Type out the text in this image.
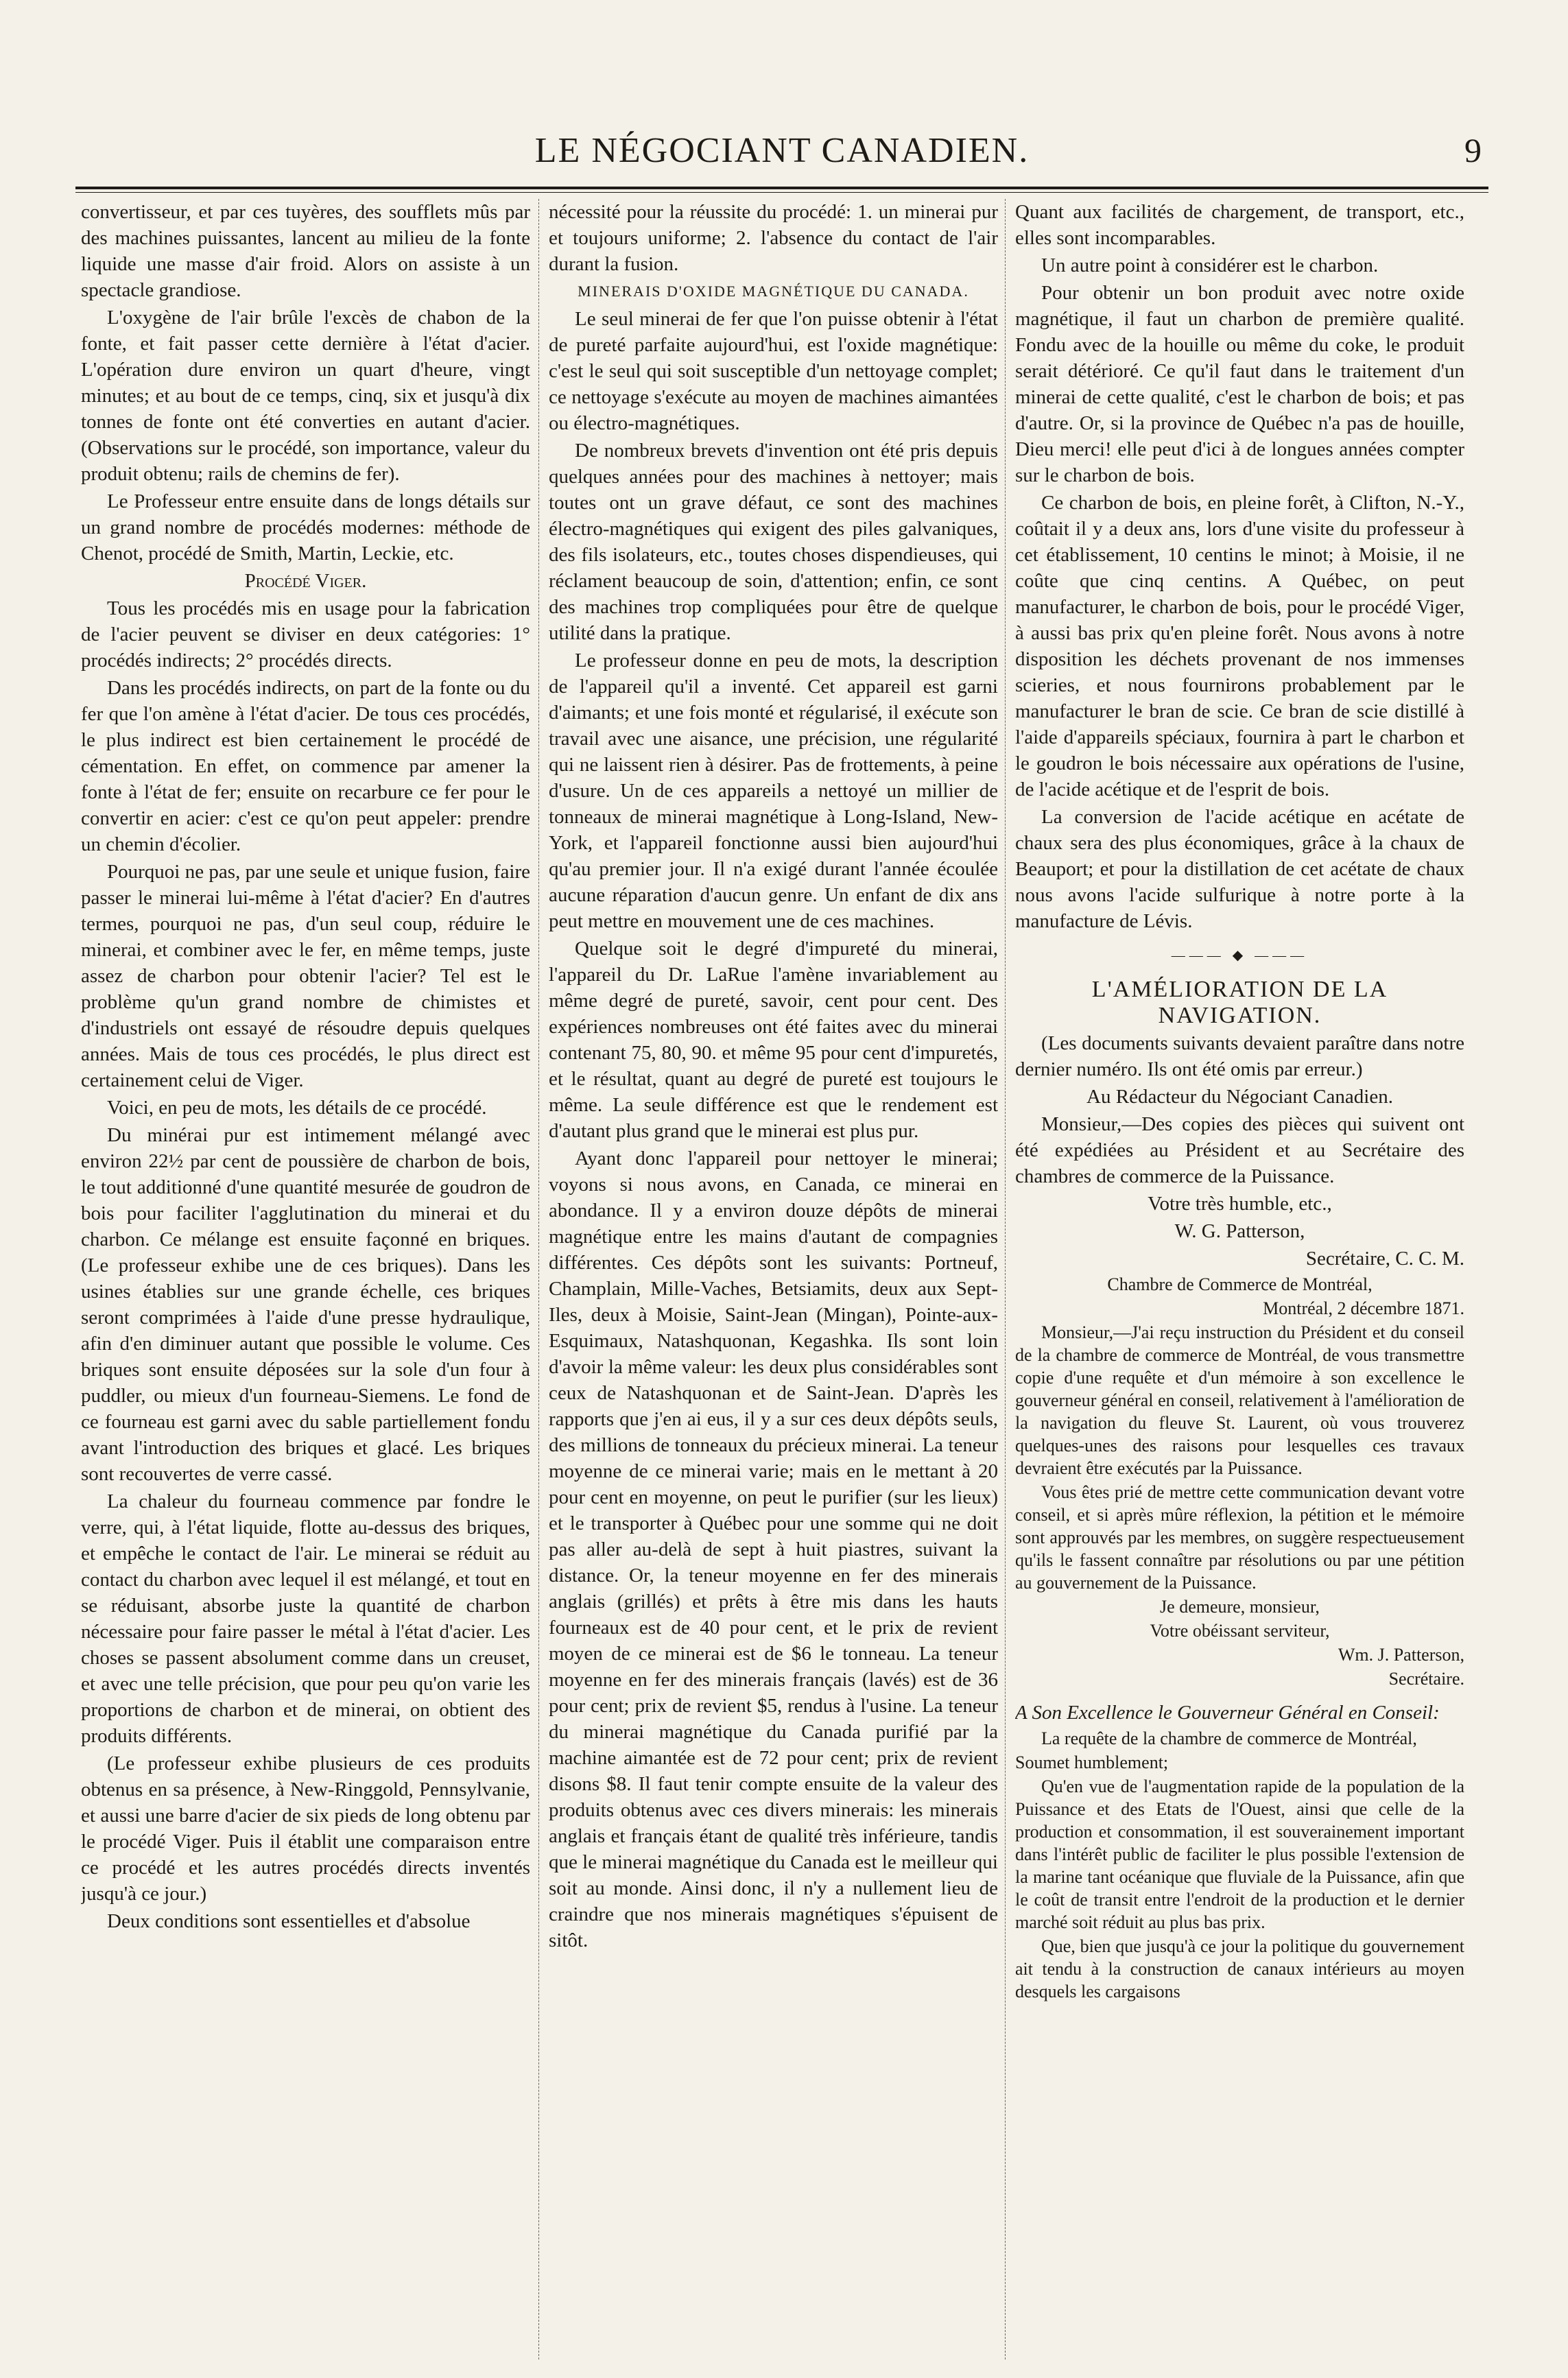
LE NÉGOCIANT CANADIEN.	9

convertisseur, et par ces tuyères, des soufflets mûs par des machines puissantes, lancent au milieu de la fonte liquide une masse d'air froid. Alors on assiste à un spectacle grandiose.

L'oxygène de l'air brûle l'excès de chabon de la fonte, et fait passer cette dernière à l'état d'acier. L'opération dure environ un quart d'heure, vingt minutes; et au bout de ce temps, cinq, six et jusqu'à dix tonnes de fonte ont été converties en autant d'acier. (Observations sur le procédé, son importance, valeur du produit obtenu; rails de chemins de fer).

Le Professeur entre ensuite dans de longs détails sur un grand nombre de procédés modernes: méthode de Chenot, procédé de Smith, Martin, Leckie, etc.

Procédé Viger.

Tous les procédés mis en usage pour la fabrication de l'acier peuvent se diviser en deux catégories: 1° procédés indirects; 2° procédés directs.

Dans les procédés indirects, on part de la fonte ou du fer que l'on amène à l'état d'acier. De tous ces procédés, le plus indirect est bien certainement le procédé de cémentation. En effet, on commence par amener la fonte à l'état de fer; ensuite on recarbure ce fer pour le convertir en acier: c'est ce qu'on peut appeler: prendre un chemin d'écolier.

Pourquoi ne pas, par une seule et unique fusion, faire passer le minerai lui-même à l'état d'acier? En d'autres termes, pourquoi ne pas, d'un seul coup, réduire le minerai, et combiner avec le fer, en même temps, juste assez de charbon pour obtenir l'acier? Tel est le problème qu'un grand nombre de chimistes et d'industriels ont essayé de résoudre depuis quelques années. Mais de tous ces procédés, le plus direct est certainement celui de Viger.

Voici, en peu de mots, les détails de ce procédé.

Du minérai pur est intimement mélangé avec environ 22½ par cent de poussière de charbon de bois, le tout additionné d'une quantité mesurée de goudron de bois pour faciliter l'agglutination du minerai et du charbon. Ce mélange est ensuite façonné en briques. (Le professeur exhibe une de ces briques). Dans les usines établies sur une grande échelle, ces briques seront comprimées à l'aide d'une presse hydraulique, afin d'en diminuer autant que possible le volume. Ces briques sont ensuite déposées sur la sole d'un four à puddler, ou mieux d'un fourneau-Siemens. Le fond de ce fourneau est garni avec du sable partiellement fondu avant l'introduction des briques et glacé. Les briques sont recouvertes de verre cassé.

La chaleur du fourneau commence par fondre le verre, qui, à l'état liquide, flotte au-dessus des briques, et empêche le contact de l'air. Le minerai se réduit au contact du charbon avec lequel il est mélangé, et tout en se réduisant, absorbe juste la quantité de charbon nécessaire pour faire passer le métal à l'état d'acier. Les choses se passent absolument comme dans un creuset, et avec une telle précision, que pour peu qu'on varie les proportions de charbon et de minerai, on obtient des produits différents.

(Le professeur exhibe plusieurs de ces produits obtenus en sa présence, à New-Ringgold, Pennsylvanie, et aussi une barre d'acier de six pieds de long obtenu par le procédé Viger. Puis il établit une comparaison entre ce procédé et les autres procédés directs inventés jusqu'à ce jour.)

Deux conditions sont essentielles et d'absolue

nécessité pour la réussite du procédé: 1. un minerai pur et toujours uniforme; 2. l'absence du contact de l'air durant la fusion.

MINERAIS D'OXIDE MAGNÉTIQUE DU CANADA.

Le seul minerai de fer que l'on puisse obtenir à l'état de pureté parfaite aujourd'hui, est l'oxide magnétique: c'est le seul qui soit susceptible d'un nettoyage complet; ce nettoyage s'exécute au moyen de machines aimantées ou électro-magnétiques.

De nombreux brevets d'invention ont été pris depuis quelques années pour des machines à nettoyer; mais toutes ont un grave défaut, ce sont des machines électro-magnétiques qui exigent des piles galvaniques, des fils isolateurs, etc., toutes choses dispendieuses, qui réclament beaucoup de soin, d'attention; enfin, ce sont des machines trop compliquées pour être de quelque utilité dans la pratique.

Le professeur donne en peu de mots, la description de l'appareil qu'il a inventé. Cet appareil est garni d'aimants; et une fois monté et régularisé, il exécute son travail avec une aisance, une précision, une régularité qui ne laissent rien à désirer. Pas de frottements, à peine d'usure. Un de ces appareils a nettoyé un millier de tonneaux de minerai magnétique à Long-Island, New-York, et l'appareil fonctionne aussi bien aujourd'hui qu'au premier jour. Il n'a exigé durant l'année écoulée aucune réparation d'aucun genre. Un enfant de dix ans peut mettre en mouvement une de ces machines.

Quelque soit le degré d'impureté du minerai, l'appareil du Dr. LaRue l'amène invariablement au même degré de pureté, savoir, cent pour cent. Des expériences nombreuses ont été faites avec du minerai contenant 75, 80, 90. et même 95 pour cent d'impuretés, et le résultat, quant au degré de pureté est toujours le même. La seule différence est que le rendement est d'autant plus grand que le minerai est plus pur.

Ayant donc l'appareil pour nettoyer le minerai; voyons si nous avons, en Canada, ce minerai en abondance. Il y a environ douze dépôts de minerai magnétique entre les mains d'autant de compagnies différentes. Ces dépôts sont les suivants: Portneuf, Champlain, Mille-Vaches, Betsiamits, deux aux Sept-Iles, deux à Moisie, Saint-Jean (Mingan), Pointe-aux-Esquimaux, Natashquonan, Kegashka. Ils sont loin d'avoir la même valeur: les deux plus considérables sont ceux de Natashquonan et de Saint-Jean. D'après les rapports que j'en ai eus, il y a sur ces deux dépôts seuls, des millions de tonneaux du précieux minerai. La teneur moyenne de ce minerai varie; mais en le mettant à 20 pour cent en moyenne, on peut le purifier (sur les lieux) et le transporter à Québec pour une somme qui ne doit pas aller au-delà de sept à huit piastres, suivant la distance. Or, la teneur moyenne en fer des minerais anglais (grillés) et prêts à être mis dans les hauts fourneaux est de 40 pour cent, et le prix de revient moyen de ce minerai est de $6 le tonneau. La teneur moyenne en fer des minerais français (lavés) est de 36 pour cent; prix de revient $5, rendus à l'usine. La teneur du minerai magnétique du Canada purifié par la machine aimantée est de 72 pour cent; prix de revient disons $8. Il faut tenir compte ensuite de la valeur des produits obtenus avec ces divers minerais: les minerais anglais et français étant de qualité très inférieure, tandis que le minerai magnétique du Canada est le meilleur qui soit au monde. Ainsi donc, il n'y a nullement lieu de craindre que nos minerais magnétiques s'épuisent de sitôt.

Quant aux facilités de chargement, de transport, etc., elles sont incomparables.

Un autre point à considérer est le charbon.

Pour obtenir un bon produit avec notre oxide magnétique, il faut un charbon de première qualité. Fondu avec de la houille ou même du coke, le produit serait détérioré. Ce qu'il faut dans le traitement d'un minerai de cette qualité, c'est le charbon de bois; et pas d'autre. Or, si la province de Québec n'a pas de houille, Dieu merci! elle peut d'ici à de longues années compter sur le charbon de bois.

Ce charbon de bois, en pleine forêt, à Clifton, N.-Y., coûtait il y a deux ans, lors d'une visite du professeur à cet établissement, 10 centins le minot; à Moisie, il ne coûte que cinq centins. A Québec, on peut manufacturer, le charbon de bois, pour le procédé Viger, à aussi bas prix qu'en pleine forêt. Nous avons à notre disposition les déchets provenant de nos immenses scieries, et nous fournirons probablement par le manufacturer le bran de scie. Ce bran de scie distillé à l'aide d'appareils spéciaux, fournira à part le charbon et le goudron le bois nécessaire aux opérations de l'usine, de l'acide acétique et de l'esprit de bois.

La conversion de l'acide acétique en acétate de chaux sera des plus économiques, grâce à la chaux de Beauport; et pour la distillation de cet acétate de chaux nous avons l'acide sulfurique à notre porte à la manufacture de Lévis.

——— ◆ ———

L'AMÉLIORATION DE LA NAVIGATION.

(Les documents suivants devaient paraître dans notre dernier numéro. Ils ont été omis par erreur.)

Au Rédacteur du Négociant Canadien.

Monsieur,—Des copies des pièces qui suivent ont été expédiées au Président et au Secrétaire des chambres de commerce de la Puissance.

Votre très humble, etc.,

W. G. Patterson,

Secrétaire, C. C. M.

Chambre de Commerce de Montréal,

Montréal, 2 décembre 1871.

Monsieur,—J'ai reçu instruction du Président et du conseil de la chambre de commerce de Montréal, de vous transmettre copie d'une requête et d'un mémoire à son excellence le gouverneur général en conseil, relativement à l'amélioration de la navigation du fleuve St. Laurent, où vous trouverez quelques-unes des raisons pour lesquelles ces travaux devraient être exécutés par la Puissance.

Vous êtes prié de mettre cette communication devant votre conseil, et si après mûre réflexion, la pétition et le mémoire sont approuvés par les membres, on suggère respectueusement qu'ils le fassent connaître par résolutions ou par une pétition au gouvernement de la Puissance.

Je demeure, monsieur,

Votre obéissant serviteur,

Wm. J. Patterson,

Secrétaire.

A Son Excellence le Gouverneur Général en Conseil:

La requête de la chambre de commerce de Montréal,

Soumet humblement;

Qu'en vue de l'augmentation rapide de la population de la Puissance et des Etats de l'Ouest, ainsi que celle de la production et consommation, il est souverainement important dans l'intérêt public de faciliter le plus possible l'extension de la marine tant océanique que fluviale de la Puissance, afin que le coût de transit entre l'endroit de la production et le dernier marché soit réduit au plus bas prix.

Que, bien que jusqu'à ce jour la politique du gouvernement ait tendu à la construction de canaux intérieurs au moyen desquels les cargaisons
